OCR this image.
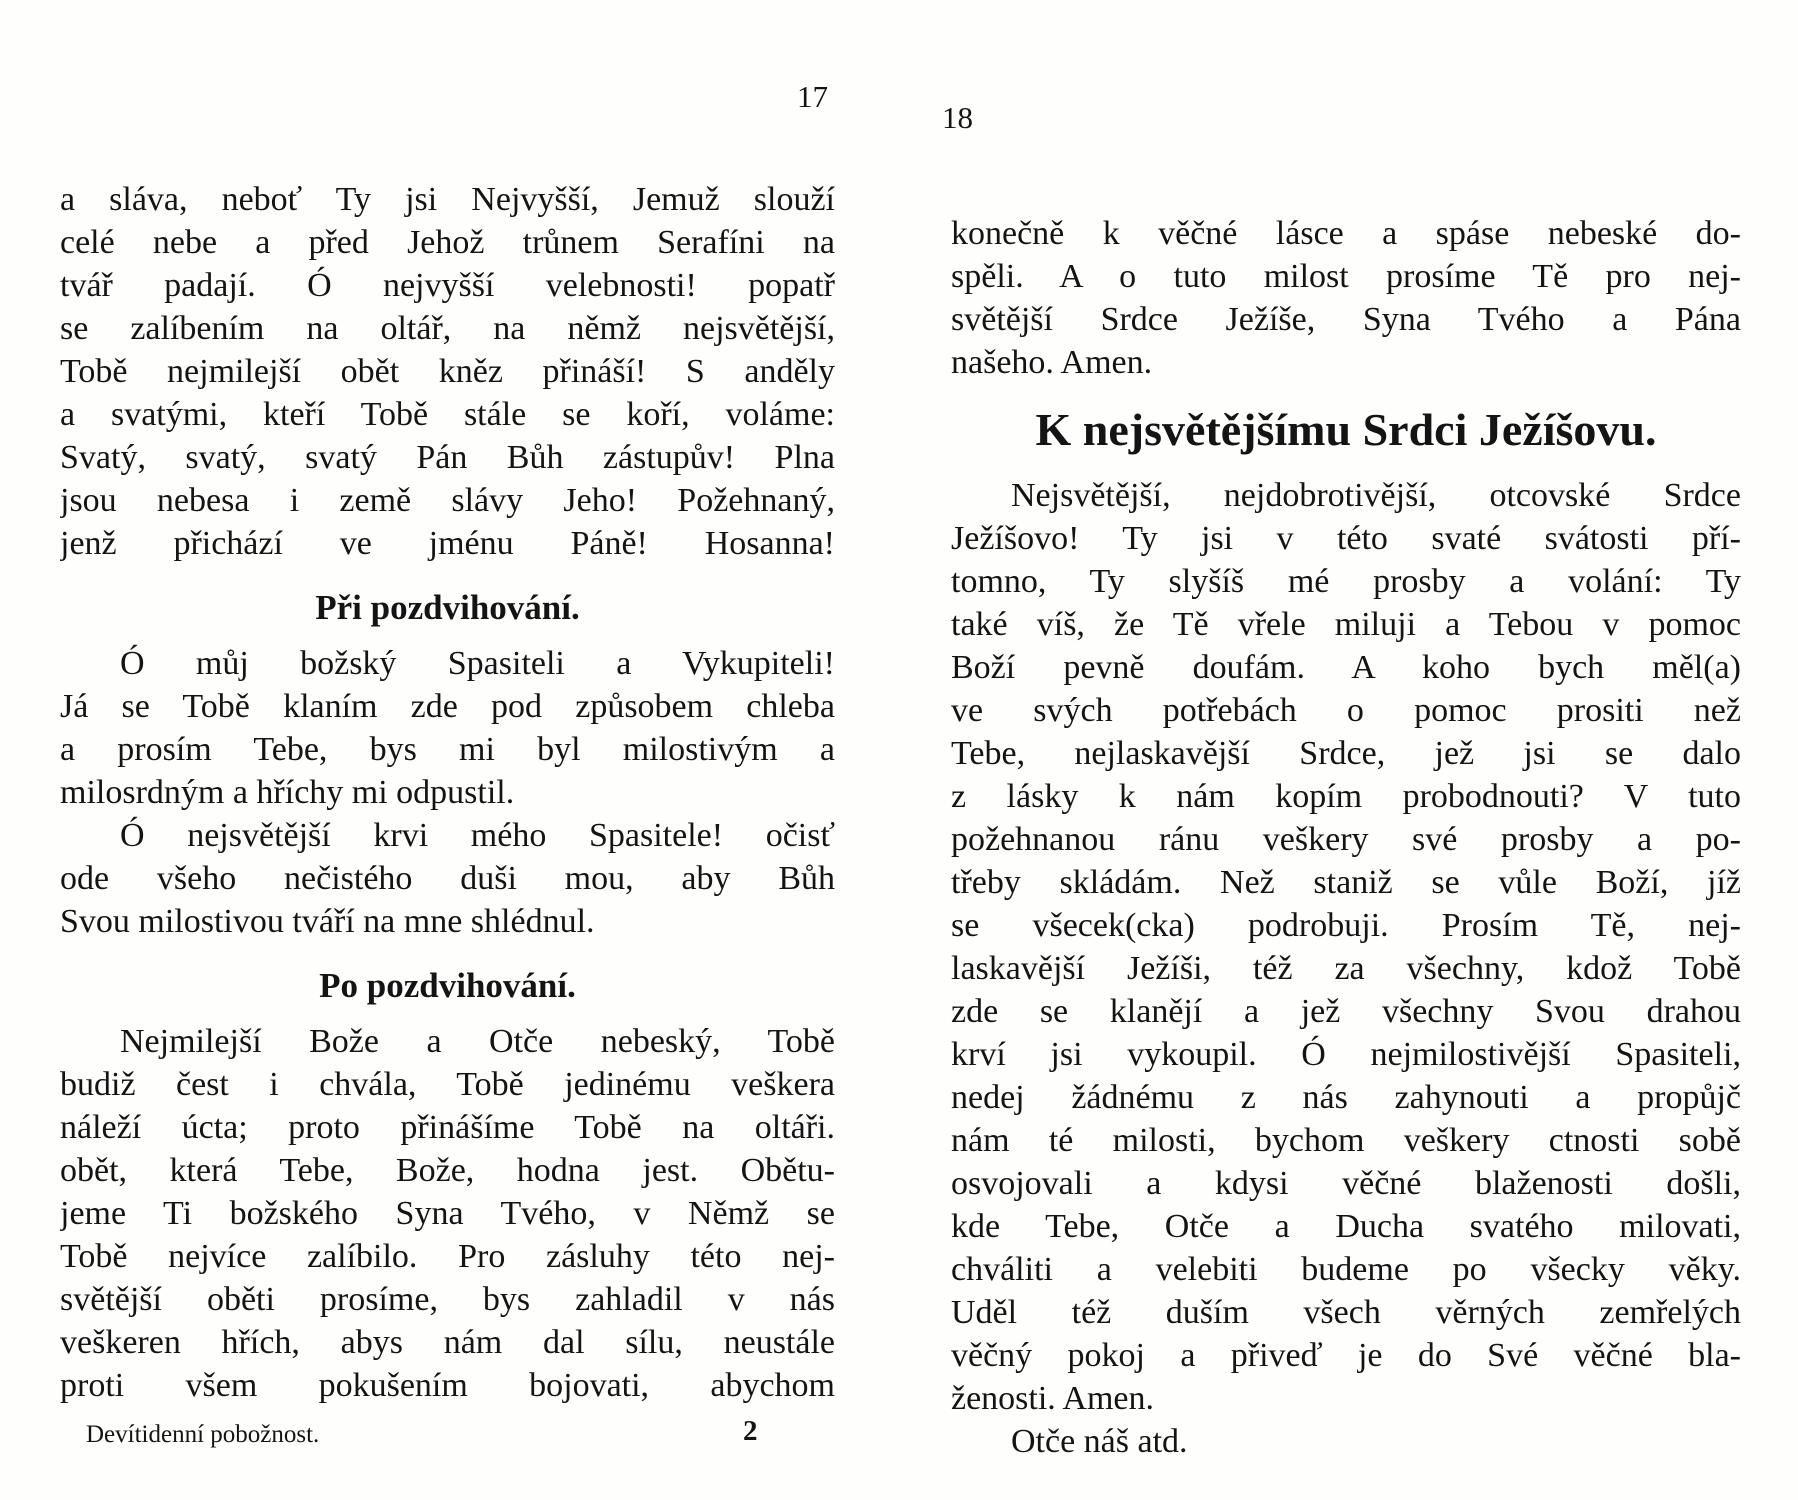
17
18
a sláva, neboť Ty jsi Nejvyšší, Jemuž slouží
celé nebe a před Jehož trůnem Serafíni na
tvář padají. Ó nejvyšší velebnosti! popatř
se zalíbením na oltář, na němž nejsvětější,
Tobě nejmilejší obět kněz přináší! S anděly
a svatými, kteří Tobě stále se koří, voláme:
Svatý, svatý, svatý Pán Bůh zástupův! Plna
jsou nebesa i země slávy Jeho! Požehnaný,
jenž přichází ve jménu Páně! Hosanna!
Při pozdvihování.
Ó můj božský Spasiteli a Vykupiteli!
Já se Tobě klaním zde pod způsobem chleba
a prosím Tebe, bys mi byl milostivým a
milosrdným a hříchy mi odpustil.
Ó nejsvětější krvi mého Spasitele! očisť
ode všeho nečistého duši mou, aby Bůh
Svou milostivou tváří na mne shlédnul.
Po pozdvihování.
Nejmilejší Bože a Otče nebeský, Tobě
budiž čest i chvála, Tobě jedinému veškera
náleží úcta; proto přinášíme Tobě na oltáři.
obět, která Tebe, Bože, hodna jest. Obětu-
jeme Ti božského Syna Tvého, v Němž se
Tobě nejvíce zalíbilo. Pro zásluhy této nej-
světější oběti prosíme, bys zahladil v nás
veškeren hřích, abys nám dal sílu, neustále
proti všem pokušením bojovati, abychom
konečně k věčné lásce a spáse nebeské do-
spěli. A o tuto milost prosíme Tě pro nej-
světější Srdce Ježíše, Syna Tvého a Pána
našeho. Amen.
K nejsvětějšímu Srdci Ježíšovu.
Nejsvětější, nejdobrotivější, otcovské Srdce
Ježíšovo! Ty jsi v této svaté svátosti pří-
tomno, Ty slyšíš mé prosby a volání: Ty
také víš, že Tě vřele miluji a Tebou v pomoc
Boží pevně doufám. A koho bych měl(a)
ve svých potřebách o pomoc prositi než
Tebe, nejlaskavější Srdce, jež jsi se dalo
z lásky k nám kopím probodnouti? V tuto
požehnanou ránu veškery své prosby a po-
třeby skládám. Než staniž se vůle Boží, jíž
se všecek(cka) podrobuji. Prosím Tě, nej-
laskavější Ježíši, též za všechny, kdož Tobě
zde se klanějí a jež všechny Svou drahou
krví jsi vykoupil. Ó nejmilostivější Spasiteli,
nedej žádnému z nás zahynouti a propůjč
nám té milosti, bychom veškery ctnosti sobě
osvojovali a kdysi věčné blaženosti došli,
kde Tebe, Otče a Ducha svatého milovati,
chváliti a velebiti budeme po všecky věky.
Uděl též duším všech věrných zemřelých
věčný pokoj a přiveď je do Své věčné bla-
ženosti. Amen.
Otče náš atd.
Devítidenní pobožnost.	2
